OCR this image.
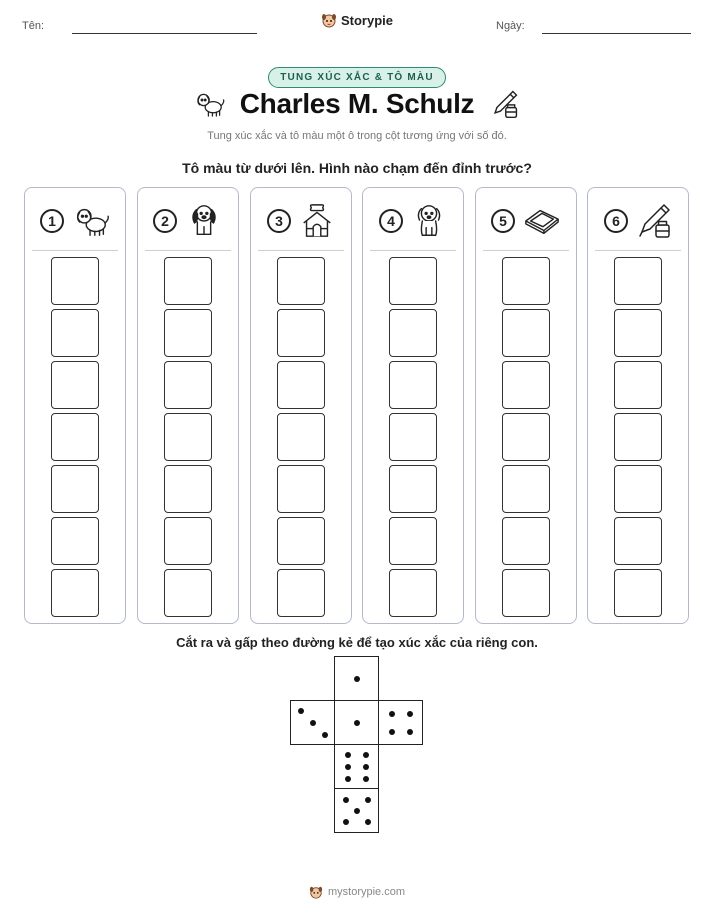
Tên:	Ngày:
Storypie
TUNG XÚC XẮC & TÔ MÀU
Charles M. Schulz
Tung xúc xắc và tô màu một ô trong cột tương ứng với số đó.
Tô màu từ dưới lên. Hình nào chạm đến đỉnh trước?
1	2	3	4	5	6
Cắt ra và gấp theo đường kẻ để tạo xúc xắc của riêng con.
mystorypie.com
